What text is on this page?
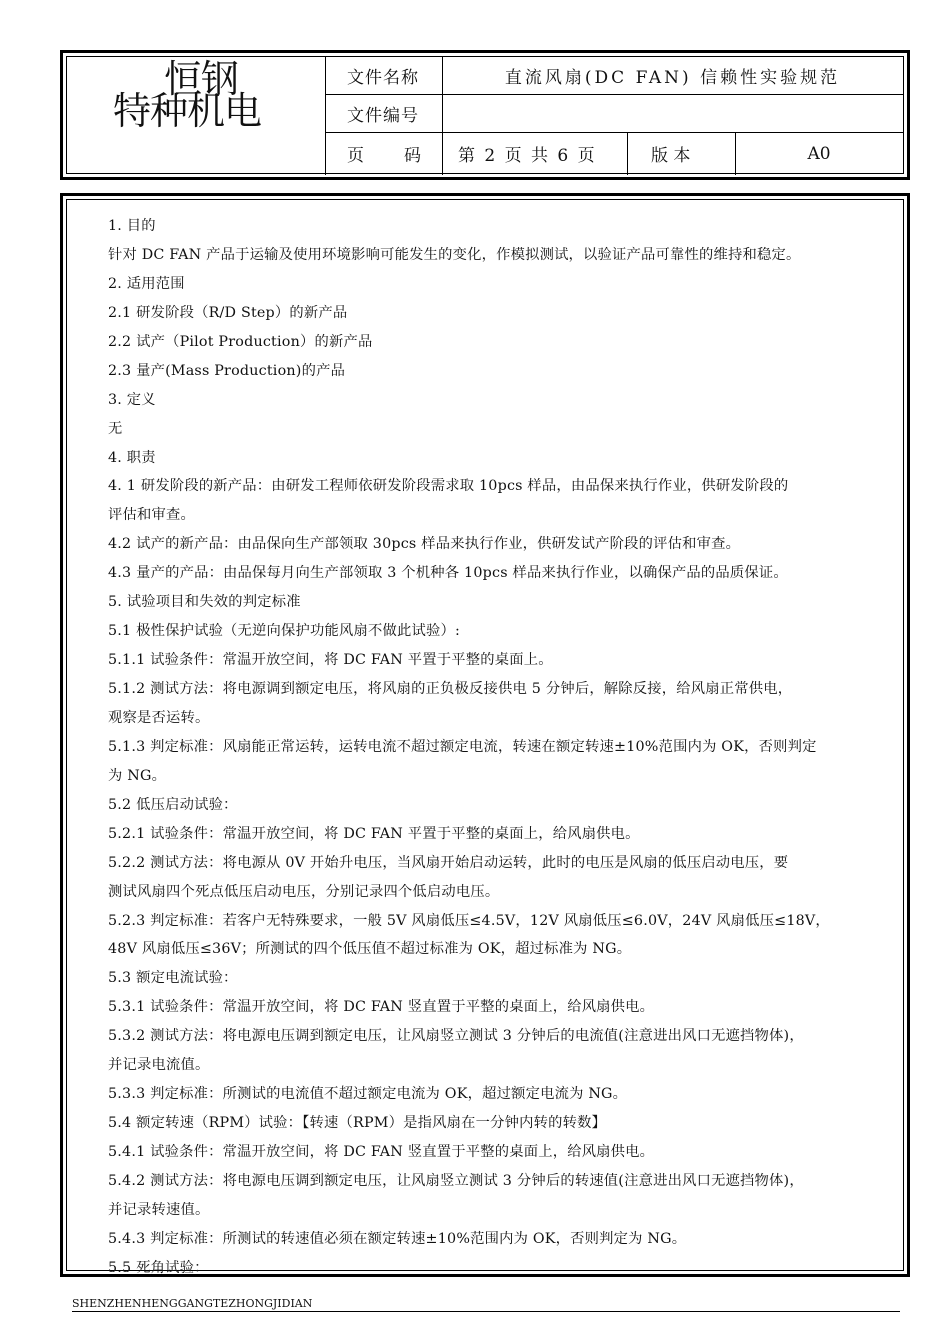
恒钢
特种机电
文件名称	直流风扇(DC FAN) 信赖性实验规范
文件编号
页 码	第 2 页 共 6 页	版 本	A0
1. 目的
针对 DC FAN 产品于运输及使用环境影响可能发生的变化，作模拟测试，以验证产品可靠性的维持和稳定。
2. 适用范围
2.1 研发阶段（R/D Step）的新产品
2.2 试产（Pilot Production）的新产品
2.3 量产(Mass Production)的产品
3. 定义
无
4. 职责
4. 1 研发阶段的新产品：由研发工程师依研发阶段需求取 10pcs 样品，由品保来执行作业，供研发阶段的
评估和审查。
4.2 试产的新产品：由品保向生产部领取 30pcs 样品来执行作业，供研发试产阶段的评估和审查。
4.3 量产的产品：由品保每月向生产部领取 3 个机种各 10pcs 样品来执行作业，以确保产品的品质保证。
5. 试验项目和失效的判定标准
5.1 极性保护试验（无逆向保护功能风扇不做此试验）:
5.1.1 试验条件：常温开放空间，将 DC FAN 平置于平整的桌面上。
5.1.2 测试方法：将电源调到额定电压，将风扇的正负极反接供电 5 分钟后，解除反接，给风扇正常供电，
观察是否运转。
5.1.3 判定标准：风扇能正常运转，运转电流不超过额定电流，转速在额定转速±10%范围内为 OK，否则判定
为 NG。
5.2 低压启动试验：
5.2.1 试验条件：常温开放空间，将 DC FAN 平置于平整的桌面上，给风扇供电。
5.2.2 测试方法：将电源从 0V 开始升电压，当风扇开始启动运转，此时的电压是风扇的低压启动电压，要
测试风扇四个死点低压启动电压，分别记录四个低启动电压。
5.2.3 判定标准：若客户无特殊要求，一般 5V 风扇低压≤4.5V，12V 风扇低压≤6.0V，24V 风扇低压≤18V，
48V 风扇低压≤36V；所测试的四个低压值不超过标准为 OK，超过标准为 NG。
5.3 额定电流试验：
5.3.1 试验条件：常温开放空间，将 DC FAN 竖直置于平整的桌面上，给风扇供电。
5.3.2 测试方法：将电源电压调到额定电压，让风扇竖立测试 3 分钟后的电流值(注意进出风口无遮挡物体)，
并记录电流值。
5.3.3 判定标准：所测试的电流值不超过额定电流为 OK，超过额定电流为 NG。
5.4 额定转速（RPM）试验：【转速（RPM）是指风扇在一分钟内转的转数】
5.4.1 试验条件：常温开放空间，将 DC FAN 竖直置于平整的桌面上，给风扇供电。
5.4.2 测试方法：将电源电压调到额定电压，让风扇竖立测试 3 分钟后的转速值(注意进出风口无遮挡物体)，
并记录转速值。
5.4.3 判定标准：所测试的转速值必须在额定转速±10%范围内为 OK，否则判定为 NG。
5.5 死角试验：
SHENZHENHENGGANGTEZHONGJIDIAN
